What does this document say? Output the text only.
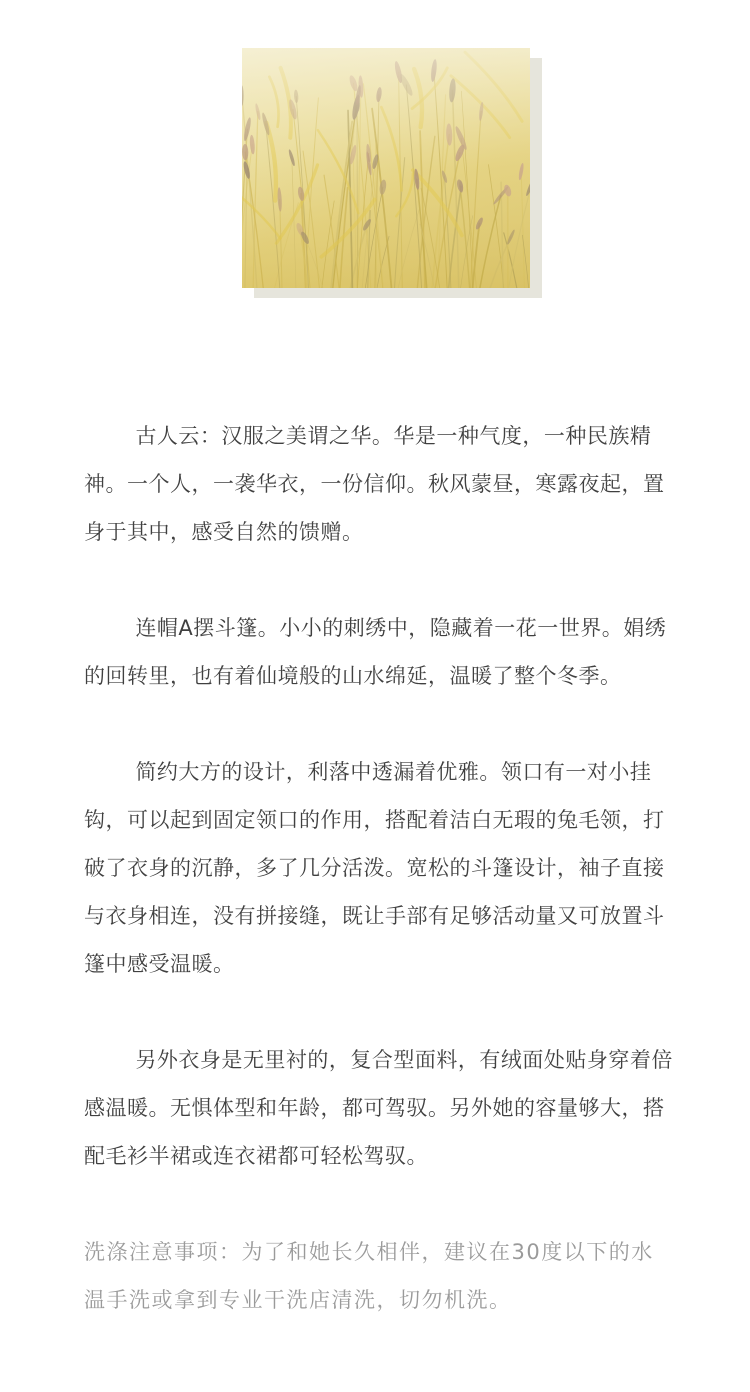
古人云：汉服之美谓之华。华是一种气度，一种民族精神。一个人，一袭华衣，一份信仰。秋风蒙昼，寒露夜起，置身于其中，感受自然的馈赠。

连帽A摆斗篷。小小的刺绣中，隐藏着一花一世界。娟绣的回转里，也有着仙境般的山水绵延，温暖了整个冬季。

简约大方的设计，利落中透漏着优雅。领口有一对小挂钩，可以起到固定领口的作用，搭配着洁白无瑕的兔毛领，打破了衣身的沉静，多了几分活泼。宽松的斗篷设计，袖子直接与衣身相连，没有拼接缝，既让手部有足够活动量又可放置斗篷中感受温暖。

另外衣身是无里衬的，复合型面料，有绒面处贴身穿着倍感温暖。无惧体型和年龄，都可驾驭。另外她的容量够大，搭配毛衫半裙或连衣裙都可轻松驾驭。

洗涤注意事项：为了和她长久相伴，建议在30度以下的水温手洗或拿到专业干洗店清洗，切勿机洗。
